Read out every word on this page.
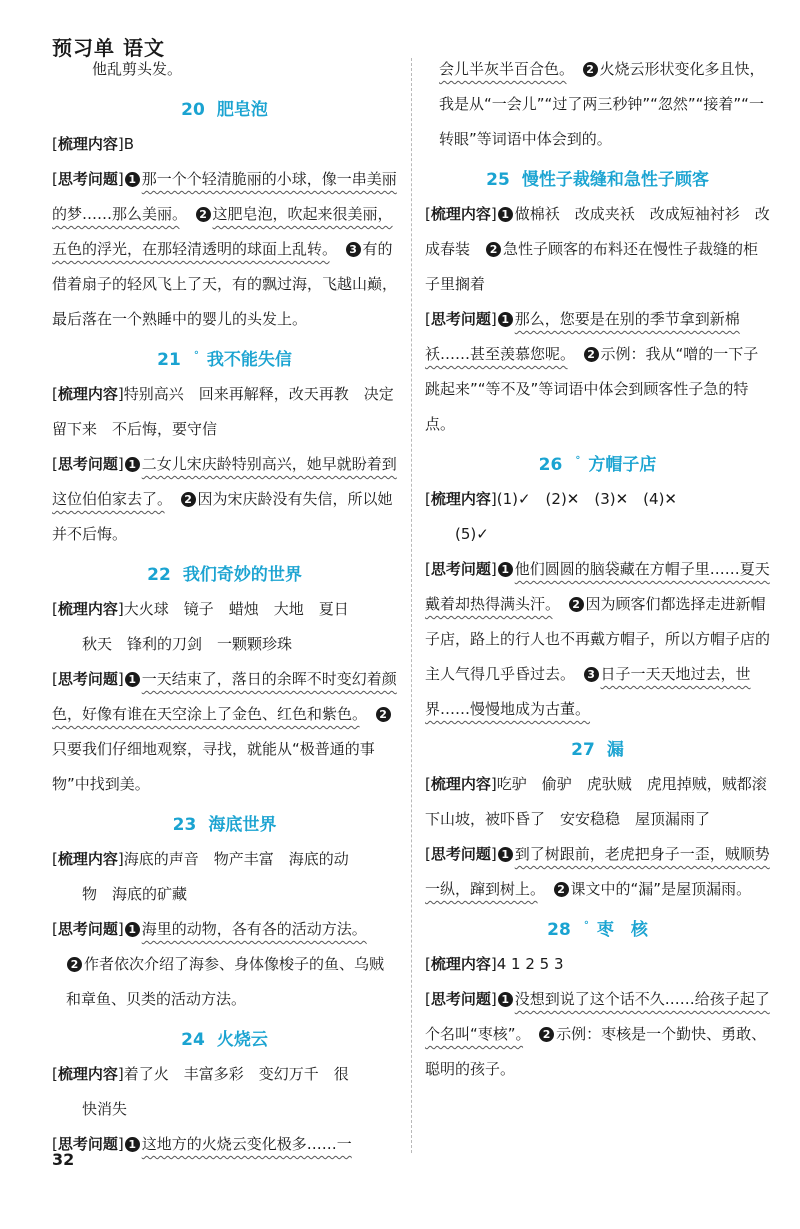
预习单 语文
他乱剪头发。
20 肥皂泡

[梳理内容]B

[思考问题] 1 那一个个轻清脆丽的小球，像一串美丽的梦……那么美丽。　 2 这肥皂泡，吹起来很美丽，五色的浮光，在那轻清透明的球面上乱转。　 3 有的借着扇子的轻风飞上了天，有的飘过海，飞越山巅，最后落在一个熟睡中的婴儿的头发上。

21 ° 我不能失信

[梳理内容]特别高兴　回来再解释，改天再教　决定留下来　不后悔，要守信

[思考问题] 1 二女儿宋庆龄特别高兴，她早就盼着到这位伯伯家去了。　 2 因为宋庆龄没有失信，所以她并不后悔。

22 我们奇妙的世界

[梳理内容]大火球　镜子　蜡烛　大地　夏日

秋天　锋利的刀剑　一颗颗珍珠

[思考问题] 1 一天结束了，落日的余晖不时变幻着颜色，好像有谁在天空涂上了金色、红色和紫色。　 2只要我们仔细地观察，寻找，就能从“极普通的事物”中找到美。

23 海底世界

[梳理内容]海底的声音　物产丰富　海底的动

物　海底的矿藏

[思考问题] 1 海里的动物，各有各的活动方法。

2 作者依次介绍了海参、身体像梭子的鱼、乌贼和章鱼、贝类的活动方法。

24 火烧云

[梳理内容]着了火　丰富多彩　变幻万千　很

快消失

[思考问题] 1 这地方的火烧云变化极多……一

会儿半灰半百合色。　 2 火烧云形状变化多且快，我是从“一会儿”“过了两三秒钟”“忽然”“接着”“一转眼”等词语中体会到的。

25 慢性子裁缝和急性子顾客

[梳理内容] 1 做棉袄　改成夹袄　改成短袖衬衫　改成春装　 2 急性子顾客的布料还在慢性子裁缝的柜子里搁着

[思考问题] 1 那么，您要是在别的季节拿到新棉袄……甚至羡慕您呢。　 2 示例：我从“噌的一下子跳起来”“等不及”等词语中体会到顾客性子急的特点。

26 ° 方帽子店

[梳理内容](1)✓　(2)✕　(3)✕　(4)✕

(5)✓

[思考问题] 1 他们圆圆的脑袋藏在方帽子里……夏天戴着却热得满头汗。　 2 因为顾客们都选择走进新帽子店，路上的行人也不再戴方帽子，所以方帽子店的主人气得几乎昏过去。　 3 日子一天天地过去，世界……慢慢地成为古董。

27 漏

[梳理内容]吃驴　偷驴　虎驮贼　虎甩掉贼，贼都滚下山坡，被吓昏了　安安稳稳　屋顶漏雨了

[思考问题] 1 到了树跟前，老虎把身子一歪，贼顺势一纵，蹿到树上。　 2 课文中的“漏”是屋顶漏雨。

28 ° 枣　核

[梳理内容]4 1 2 5 3

[思考问题] 1 没想到说了这个话不久……给孩子起了个名叫“枣核”。　 2 示例：枣核是一个勤快、勇敢、聪明的孩子。

32
